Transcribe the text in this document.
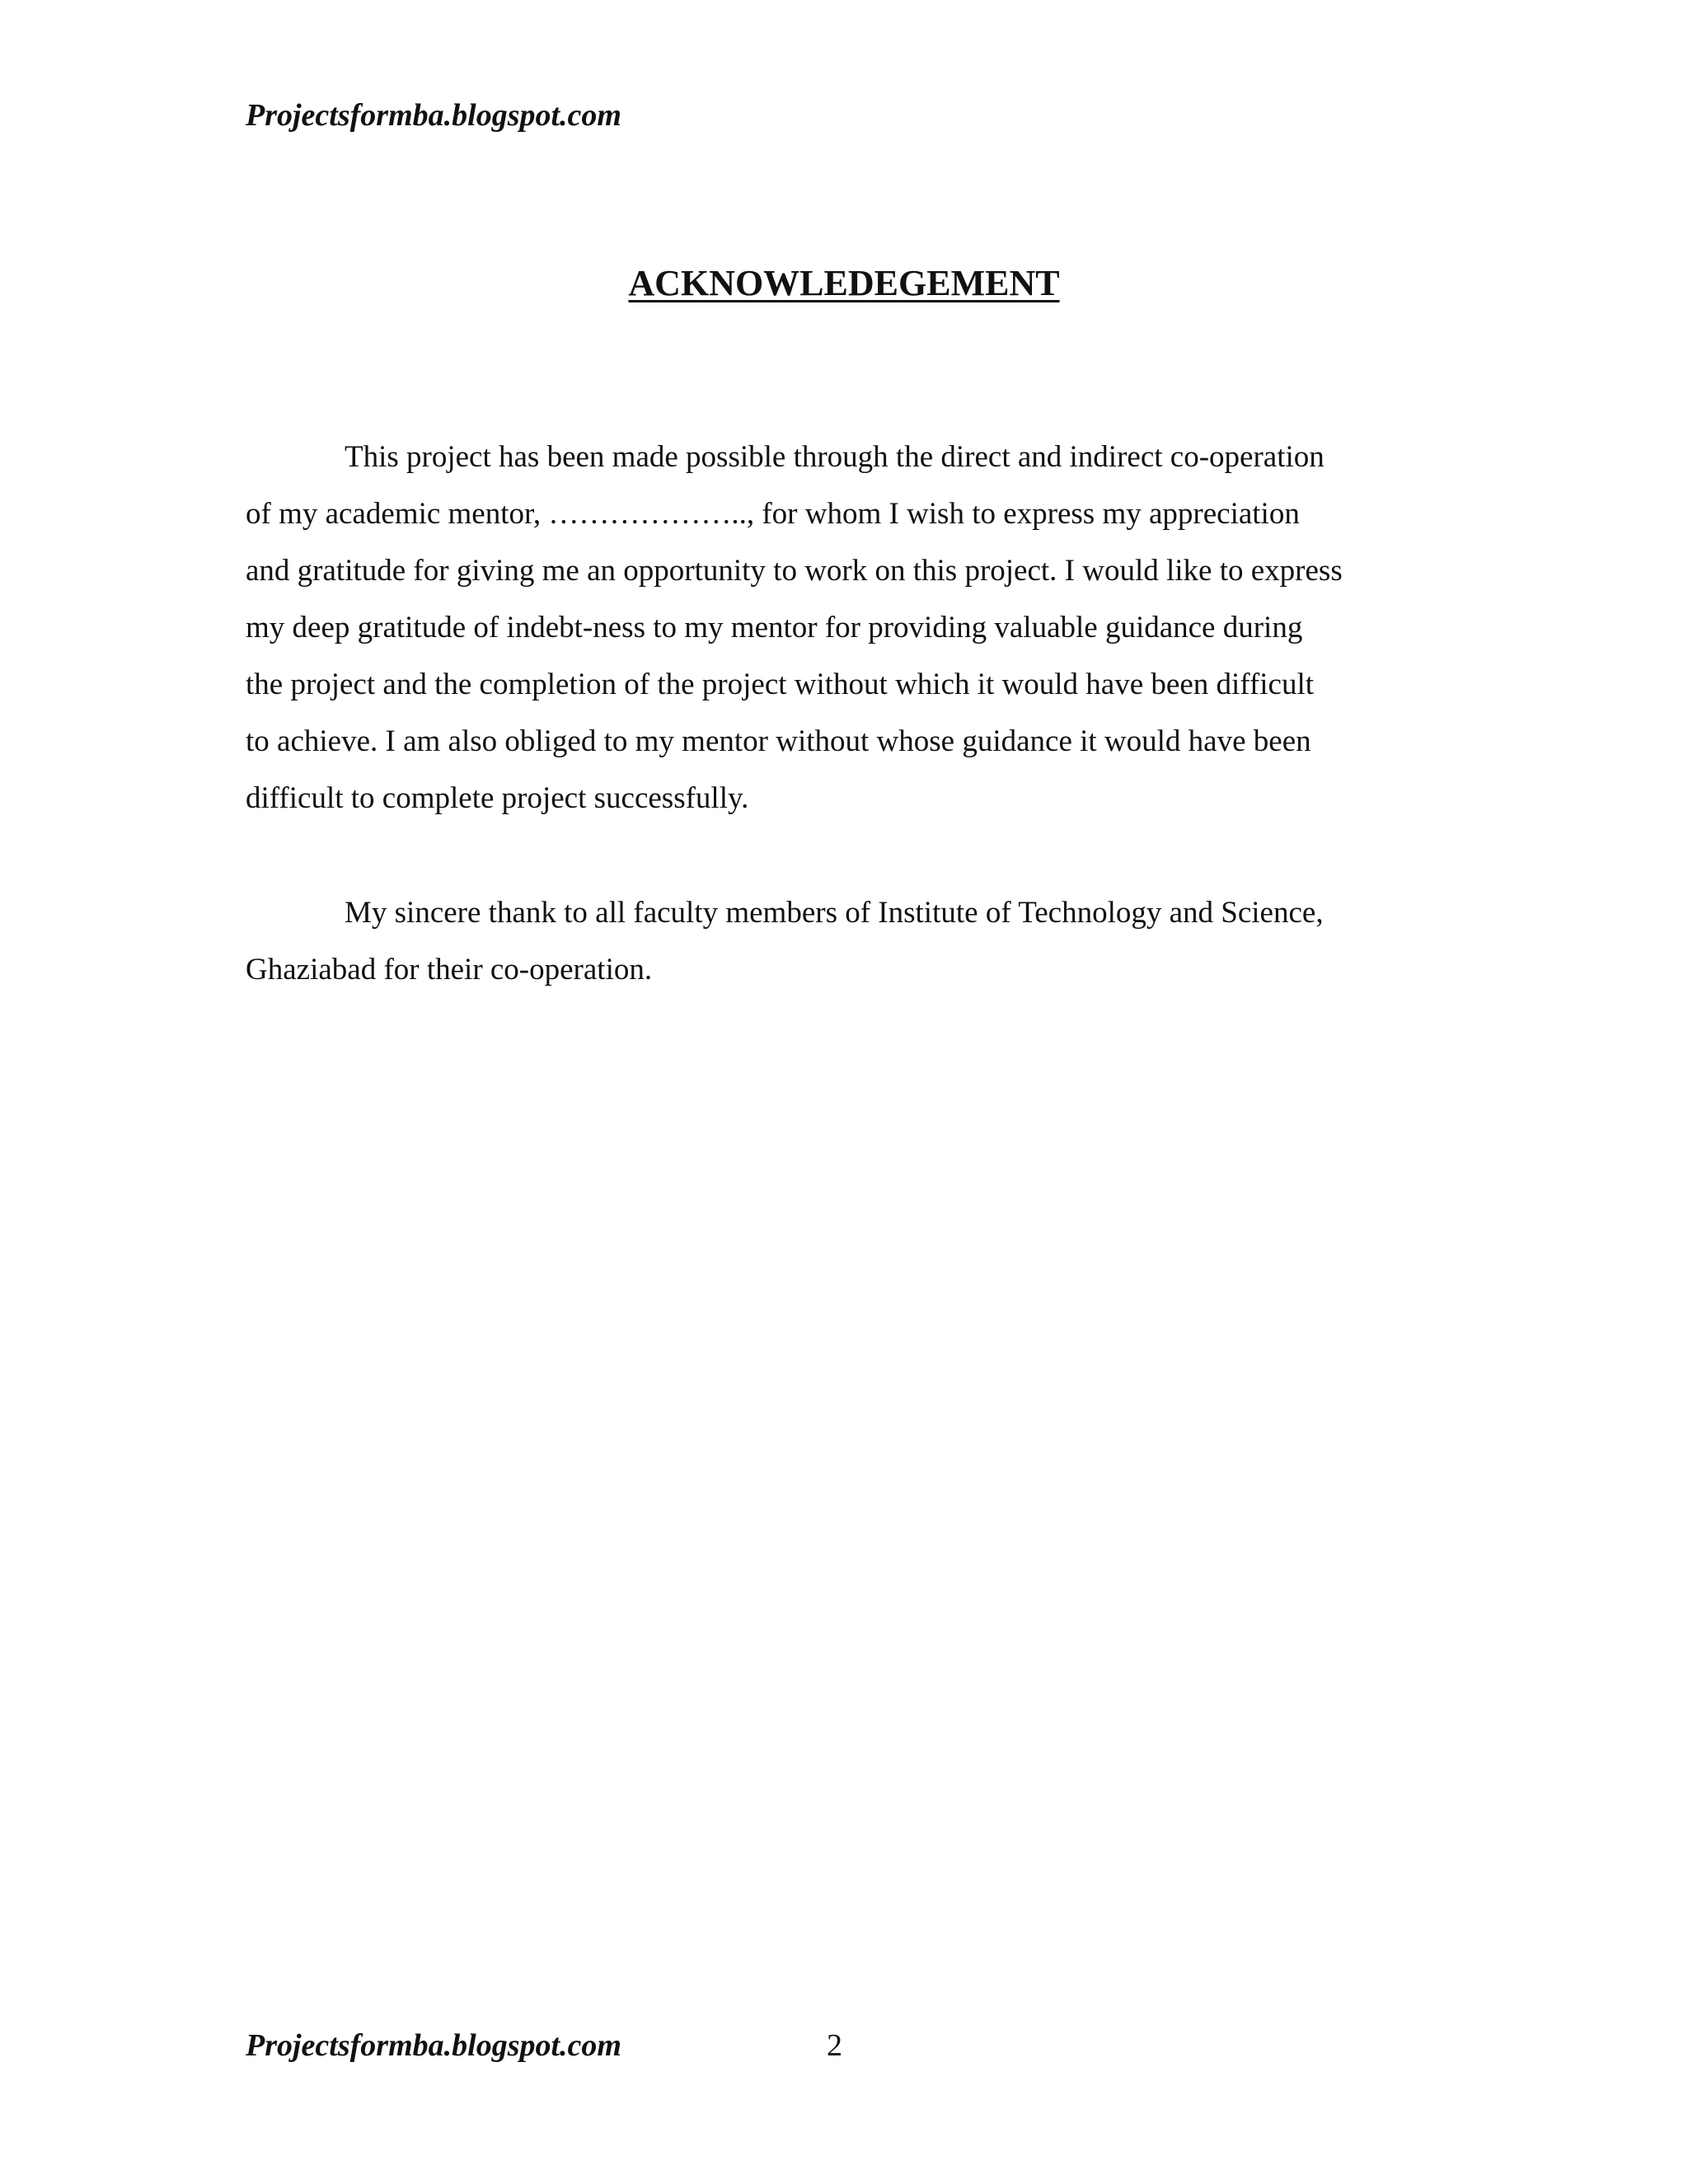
Projectsformba.blogspot.com
ACKNOWLEDEGEMENT
This project has been made possible through the direct and indirect co-operation
of my academic mentor, ……………….., for whom I wish to express my appreciation
and gratitude for giving me an opportunity to work on this project. I would like to express
my deep gratitude of indebt-ness to my mentor for providing valuable guidance during
the project and the completion of the project without which it would have been difficult
to achieve. I am also obliged to my mentor without whose guidance it would have been
difficult to complete project successfully.
My sincere thank to all faculty members of Institute of Technology and Science,
Ghaziabad for their co-operation.
Projectsformba.blogspot.com	2
